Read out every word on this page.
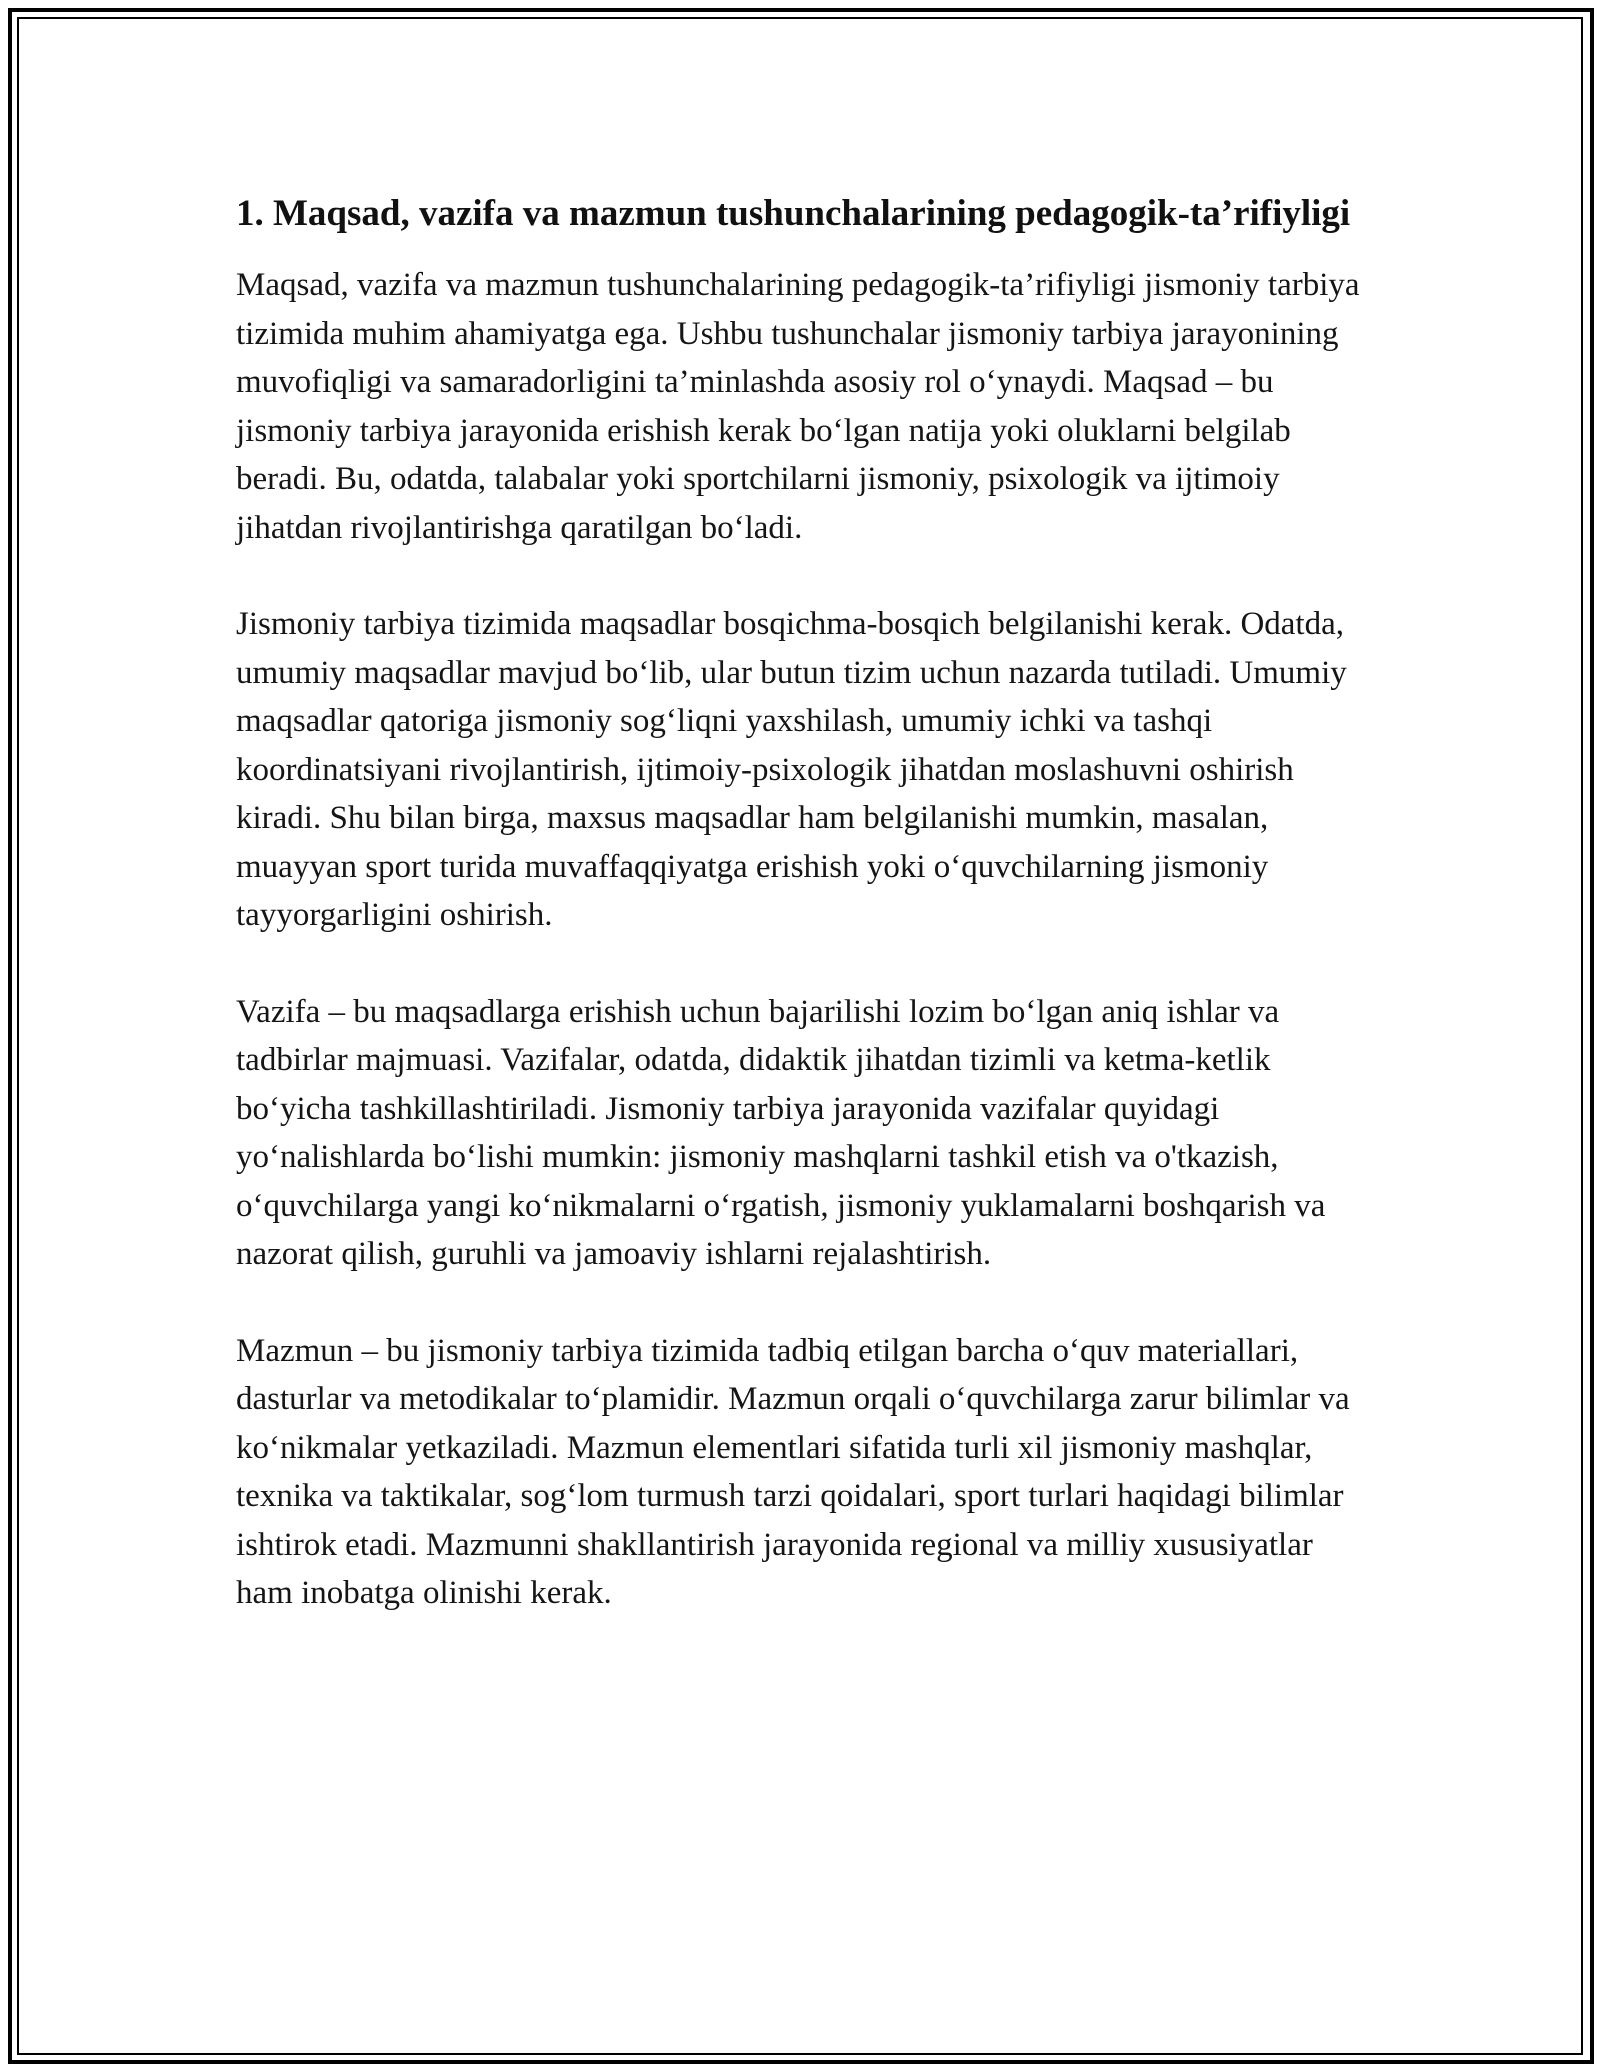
1. Maqsad, vazifa va mazmun tushunchalarining pedagogik-ta’rifiyligi

Maqsad, vazifa va mazmun tushunchalarining pedagogik-ta’rifiyligi jismoniy tarbiya tizimida muhim ahamiyatga ega. Ushbu tushunchalar jismoniy tarbiya jarayonining muvofiqligi va samaradorligini ta’minlashda asosiy rol o‘ynaydi. Maqsad – bu jismoniy tarbiya jarayonida erishish kerak bo‘lgan natija yoki oluklarni belgilab beradi. Bu, odatda, talabalar yoki sportchilarni jismoniy, psixologik va ijtimoiy jihatdan rivojlantirishga qaratilgan bo‘ladi.

Jismoniy tarbiya tizimida maqsadlar bosqichma-bosqich belgilanishi kerak. Odatda, umumiy maqsadlar mavjud bo‘lib, ular butun tizim uchun nazarda tutiladi. Umumiy maqsadlar qatoriga jismoniy sog‘liqni yaxshilash, umumiy ichki va tashqi koordinatsiyani rivojlantirish, ijtimoiy-psixologik jihatdan moslashuvni oshirish kiradi. Shu bilan birga, maxsus maqsadlar ham belgilanishi mumkin, masalan, muayyan sport turida muvaffaqqiyatga erishish yoki o‘quvchilarning jismoniy tayyorgarligini oshirish.

Vazifa – bu maqsadlarga erishish uchun bajarilishi lozim bo‘lgan aniq ishlar va tadbirlar majmuasi. Vazifalar, odatda, didaktik jihatdan tizimli va ketma-ketlik bo‘yicha tashkillashtiriladi. Jismoniy tarbiya jarayonida vazifalar quyidagi yo‘nalishlarda bo‘lishi mumkin: jismoniy mashqlarni tashkil etish va o'tkazish, o‘quvchilarga yangi ko‘nikmalarni o‘rgatish, jismoniy yuklamalarni boshqarish va nazorat qilish, guruhli va jamoaviy ishlarni rejalashtirish.

Mazmun – bu jismoniy tarbiya tizimida tadbiq etilgan barcha o‘quv materiallari, dasturlar va metodikalar to‘plamidir. Mazmun orqali o‘quvchilarga zarur bilimlar va ko‘nikmalar yetkaziladi. Mazmun elementlari sifatida turli xil jismoniy mashqlar, texnika va taktikalar, sog‘lom turmush tarzi qoidalari, sport turlari haqidagi bilimlar ishtirok etadi. Mazmunni shakllantirish jarayonida regional va milliy xususiyatlar ham inobatga olinishi kerak.
